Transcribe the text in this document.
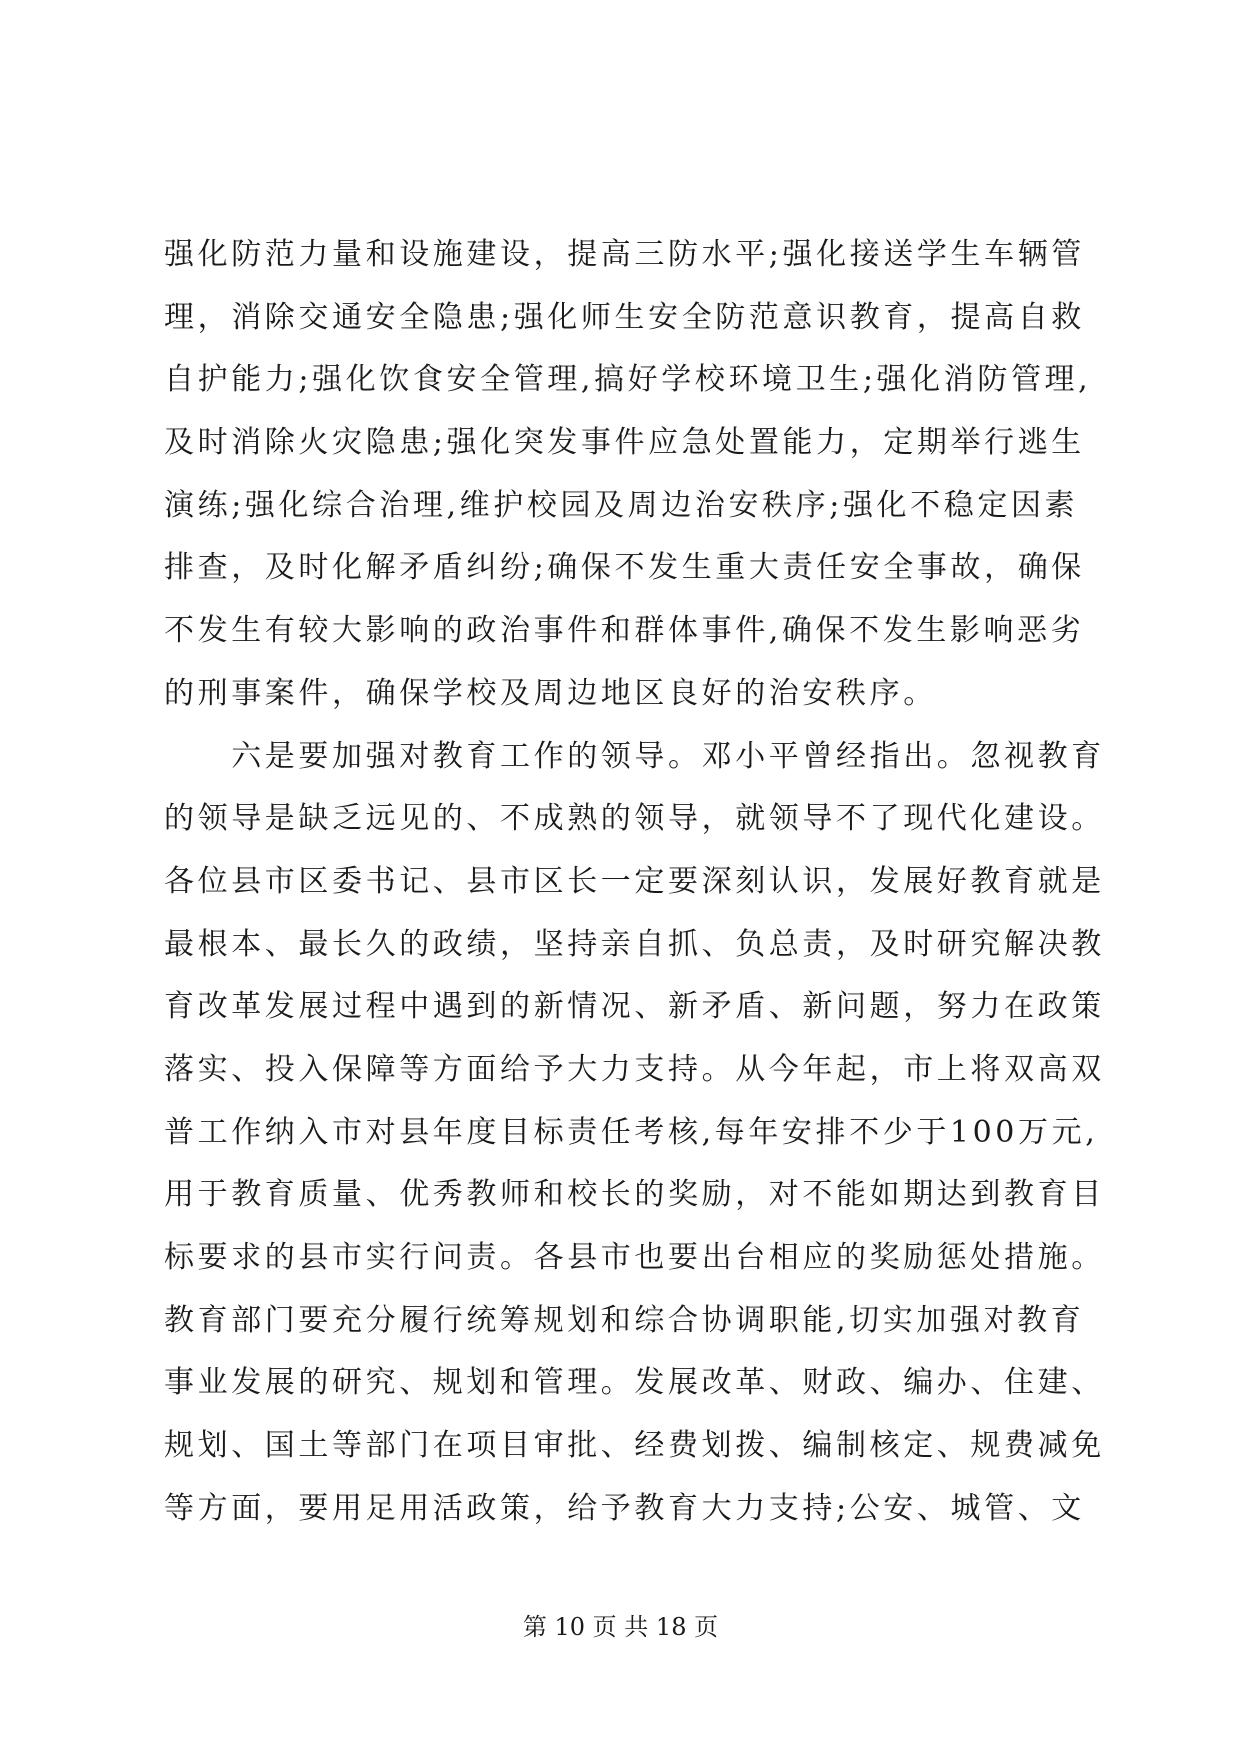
强化防范力量和设施建设，提高三防水平;强化接送学生车辆管

理，消除交通安全隐患;强化师生安全防范意识教育，提高自救

自护能力;强化饮食安全管理,搞好学校环境卫生;强化消防管理,

及时消除火灾隐患;强化突发事件应急处置能力，定期举行逃生

演练;强化综合治理,维护校园及周边治安秩序;强化不稳定因素

排查，及时化解矛盾纠纷;确保不发生重大责任安全事故，确保

不发生有较大影响的政治事件和群体事件,确保不发生影响恶劣

的刑事案件，确保学校及周边地区良好的治安秩序。

　　六是要加强对教育工作的领导。邓小平曾经指出。忽视教育

的领导是缺乏远见的、不成熟的领导，就领导不了现代化建设。

各位县市区委书记、县市区长一定要深刻认识，发展好教育就是

最根本、最长久的政绩，坚持亲自抓、负总责，及时研究解决教

育改革发展过程中遇到的新情况、新矛盾、新问题，努力在政策

落实、投入保障等方面给予大力支持。从今年起，市上将双高双

普工作纳入市对县年度目标责任考核,每年安排不少于100万元,

用于教育质量、优秀教师和校长的奖励，对不能如期达到教育目

标要求的县市实行问责。各县市也要出台相应的奖励惩处措施。

教育部门要充分履行统筹规划和综合协调职能,切实加强对教育

事业发展的研究、规划和管理。发展改革、财政、编办、住建、

规划、国土等部门在项目审批、经费划拨、编制核定、规费减免

等方面，要用足用活政策，给予教育大力支持;公安、城管、文

第 10 页 共 18 页
